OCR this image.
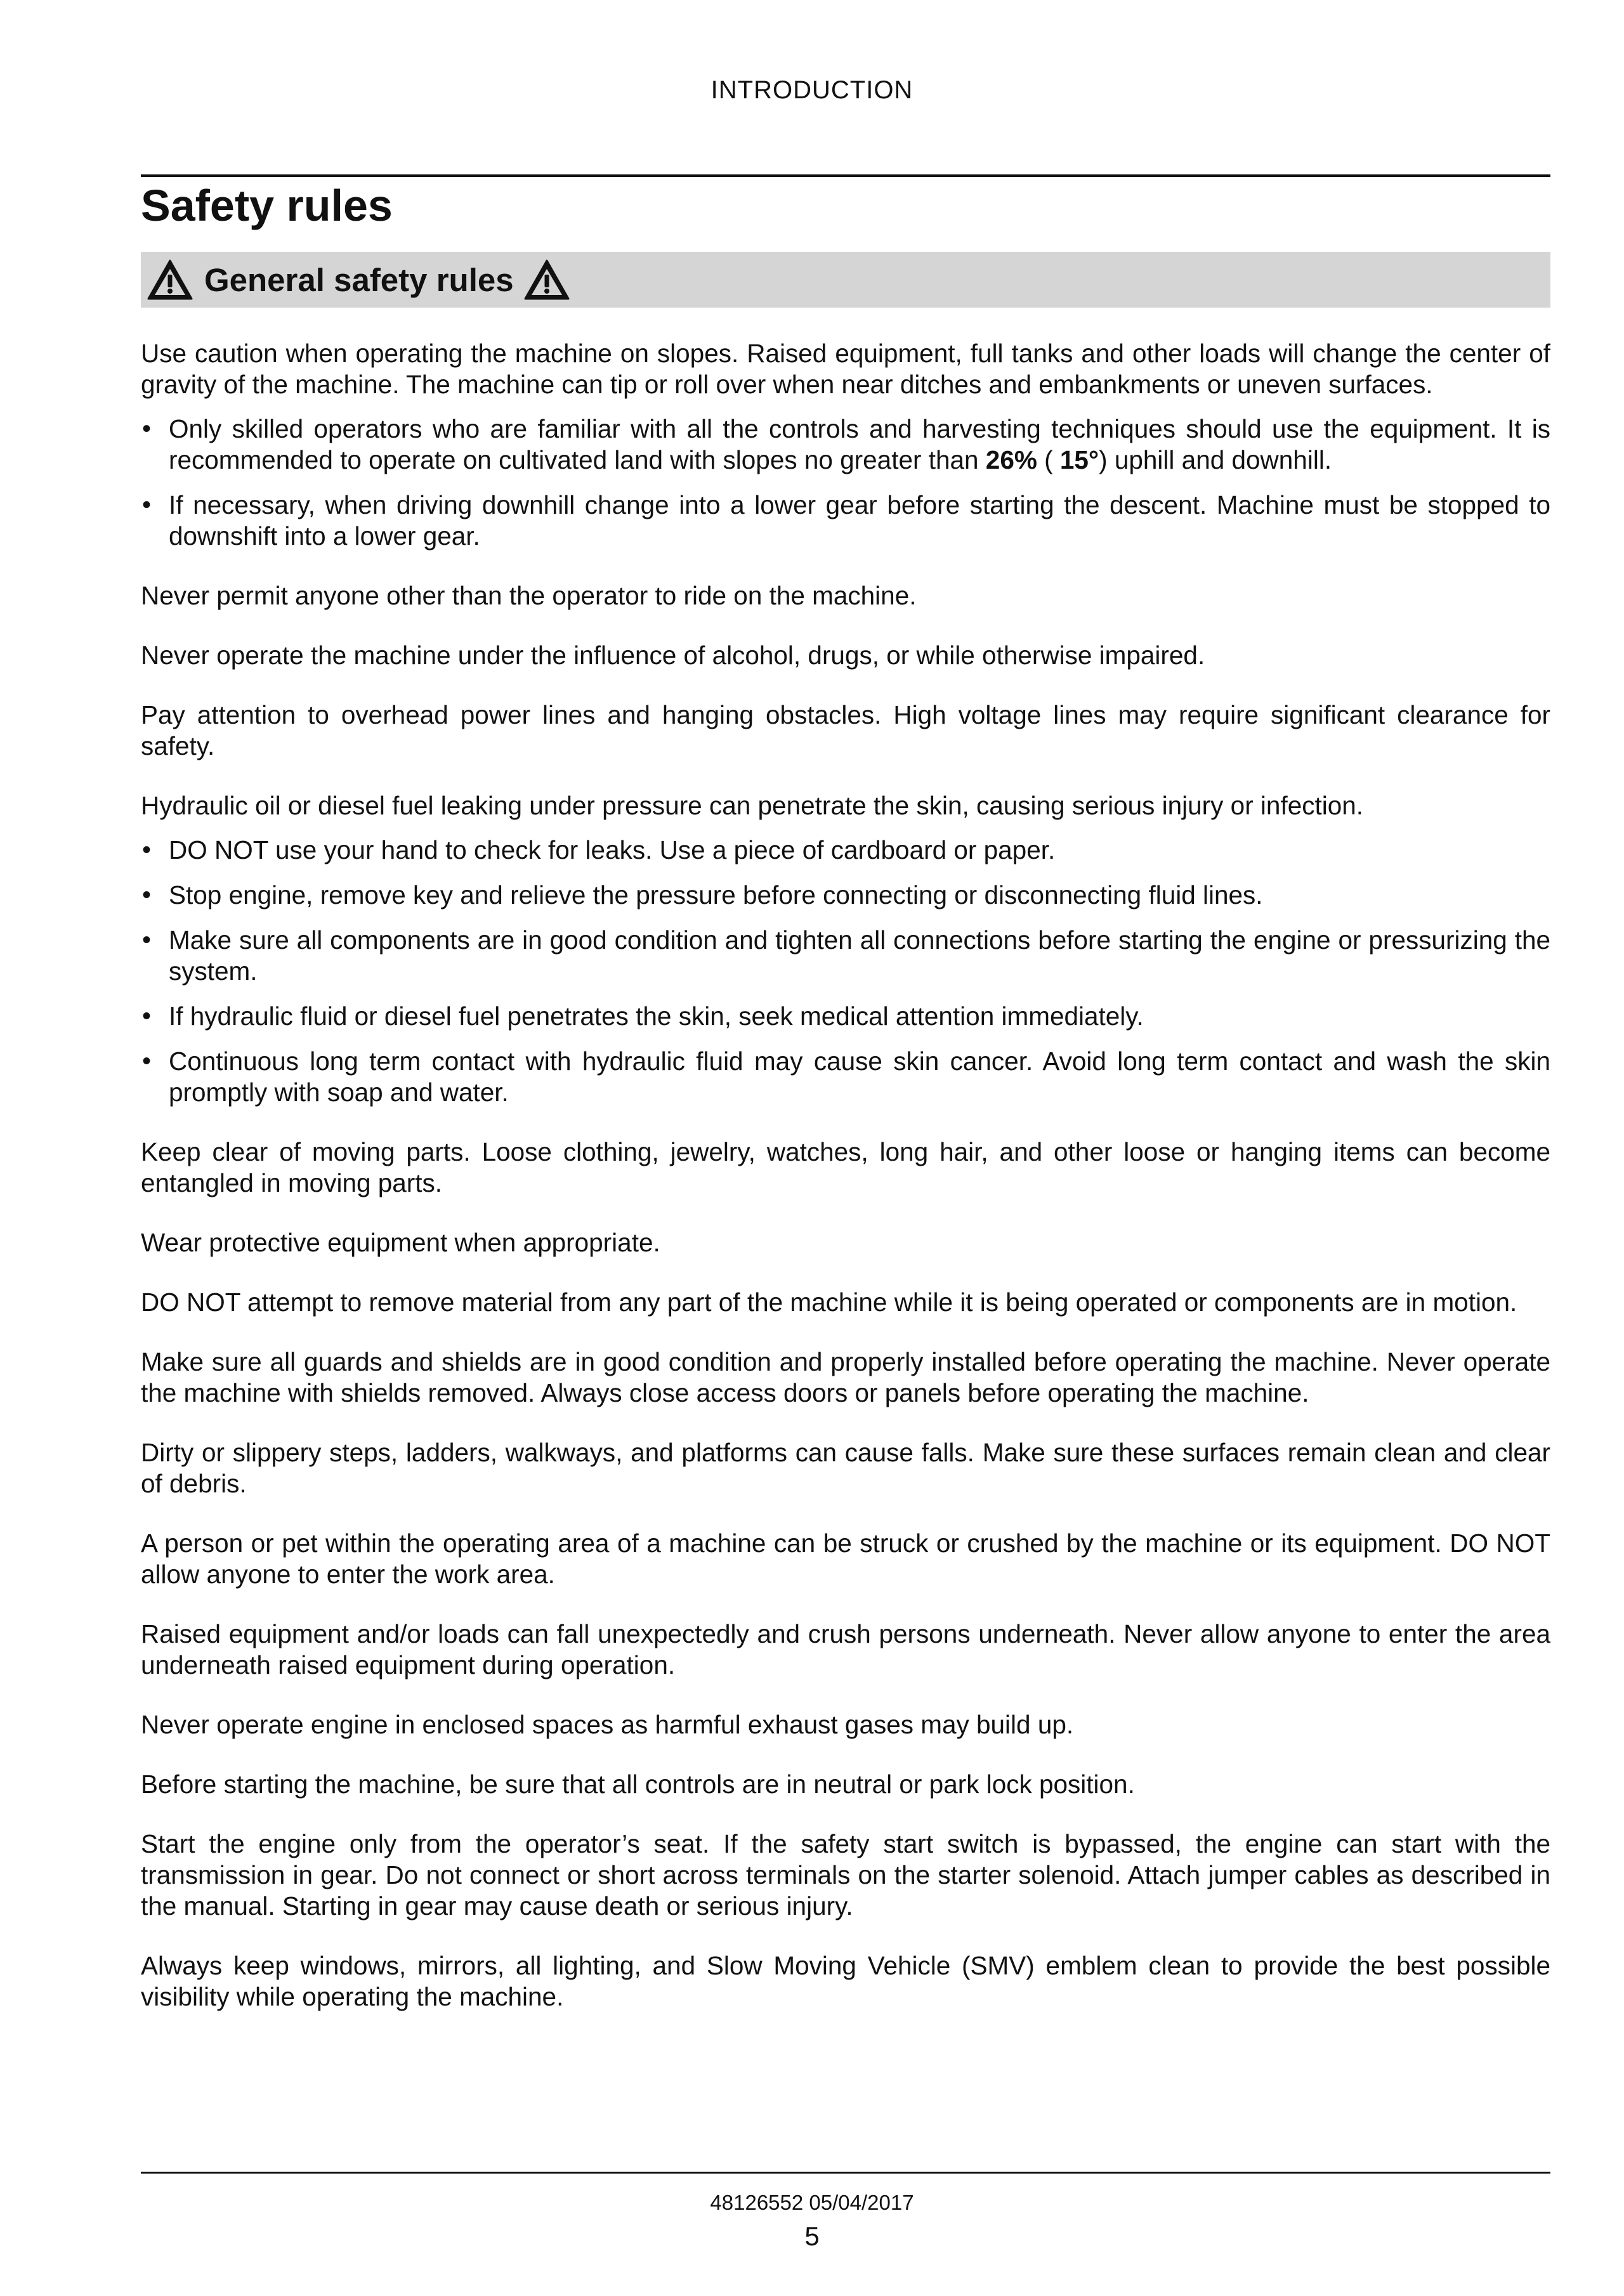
INTRODUCTION
Safety rules
General safety rules

Use caution when operating the machine on slopes. Raised equipment, full tanks and other loads will change the center of gravity of the machine. The machine can tip or roll over when near ditches and embankments or uneven surfaces.

• Only skilled operators who are familiar with all the controls and harvesting techniques should use the equipment. It is recommended to operate on cultivated land with slopes no greater than 26% ( 15°) uphill and downhill.
• If necessary, when driving downhill change into a lower gear before starting the descent. Machine must be stopped to downshift into a lower gear.

Never permit anyone other than the operator to ride on the machine.

Never operate the machine under the influence of alcohol, drugs, or while otherwise impaired.

Pay attention to overhead power lines and hanging obstacles. High voltage lines may require significant clearance for safety.

Hydraulic oil or diesel fuel leaking under pressure can penetrate the skin, causing serious injury or infection.

• DO NOT use your hand to check for leaks. Use a piece of cardboard or paper.
• Stop engine, remove key and relieve the pressure before connecting or disconnecting fluid lines.
• Make sure all components are in good condition and tighten all connections before starting the engine or pressurizing the system.
• If hydraulic fluid or diesel fuel penetrates the skin, seek medical attention immediately.
• Continuous long term contact with hydraulic fluid may cause skin cancer. Avoid long term contact and wash the skin promptly with soap and water.

Keep clear of moving parts. Loose clothing, jewelry, watches, long hair, and other loose or hanging items can become entangled in moving parts.

Wear protective equipment when appropriate.

DO NOT attempt to remove material from any part of the machine while it is being operated or components are in motion.

Make sure all guards and shields are in good condition and properly installed before operating the machine. Never operate the machine with shields removed. Always close access doors or panels before operating the machine.

Dirty or slippery steps, ladders, walkways, and platforms can cause falls. Make sure these surfaces remain clean and clear of debris.

A person or pet within the operating area of a machine can be struck or crushed by the machine or its equipment. DO NOT allow anyone to enter the work area.

Raised equipment and/or loads can fall unexpectedly and crush persons underneath. Never allow anyone to enter the area underneath raised equipment during operation.

Never operate engine in enclosed spaces as harmful exhaust gases may build up.

Before starting the machine, be sure that all controls are in neutral or park lock position.

Start the engine only from the operator’s seat. If the safety start switch is bypassed, the engine can start with the transmission in gear. Do not connect or short across terminals on the starter solenoid. Attach jumper cables as described in the manual. Starting in gear may cause death or serious injury.

Always keep windows, mirrors, all lighting, and Slow Moving Vehicle (SMV) emblem clean to provide the best possible visibility while operating the machine.

48126552 05/04/2017
5
